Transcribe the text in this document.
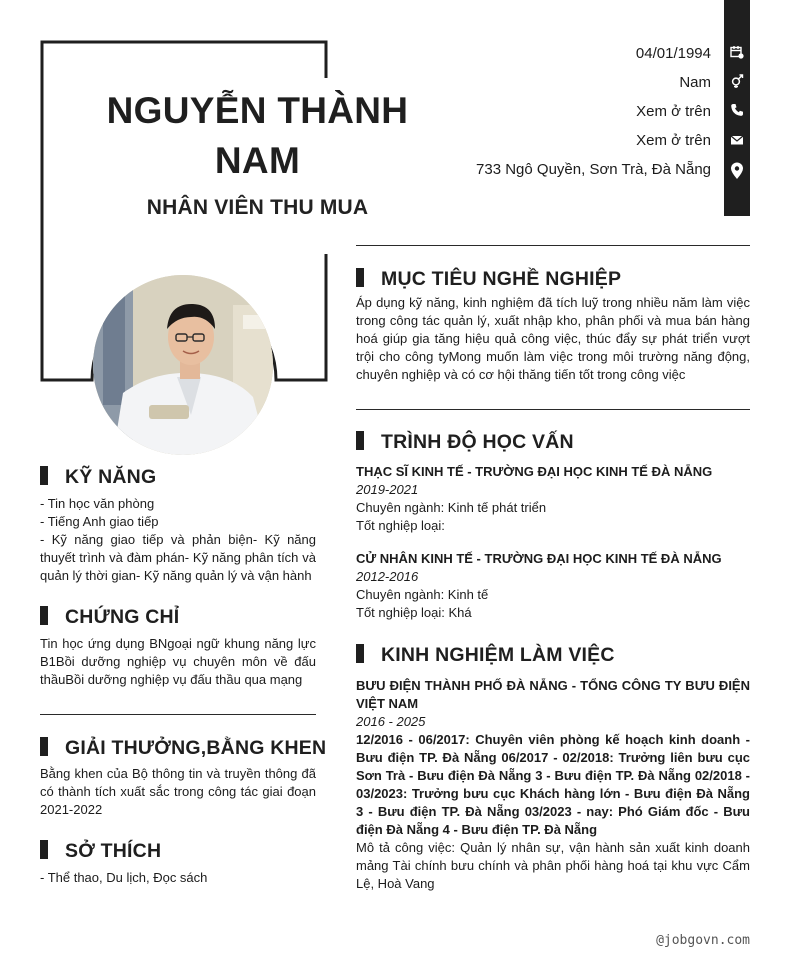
NGUYỄN THÀNH
NAM
NHÂN VIÊN THU MUA
04/01/1994
Nam
Xem ở trên
Xem ở trên
733 Ngô Quyền, Sơn Trà, Đà Nẵng
MỤC TIÊU NGHỀ NGHIỆP
Áp dụng kỹ năng, kinh nghiệm đã tích luỹ trong nhiều năm làm việc trong công tác quản lý, xuất nhập kho, phân phối và mua bán hàng hoá giúp gia tăng hiệu quả công việc, thúc đẩy sự phát triển vượt trội cho công tyMong muốn làm việc trong môi trường năng động, chuyên nghiệp và có cơ hội thăng tiến tốt trong công việc
TRÌNH ĐỘ HỌC VẤN
THẠC SĨ KINH TẾ - TRƯỜNG ĐẠI HỌC KINH TẾ ĐÀ NẴNG
2019-2021
Chuyên ngành: Kinh tế phát triển
Tốt nghiệp loại:
CỬ NHÂN KINH TẾ - TRƯỜNG ĐẠI HỌC KINH TẾ ĐÀ NẴNG
2012-2016
Chuyên ngành: Kinh tế
Tốt nghiệp loại: Khá
KINH NGHIỆM LÀM VIỆC
BƯU ĐIỆN THÀNH PHỐ ĐÀ NẴNG - TỔNG CÔNG TY BƯU ĐIỆN VIỆT NAM
2016 - 2025
12/2016 - 06/2017: Chuyên viên phòng kế hoạch kinh doanh - Bưu điện TP. Đà Nẵng 06/2017 - 02/2018: Trưởng liên bưu cục Sơn Trà - Bưu điện Đà Nẵng 3 - Bưu điện TP. Đà Nẵng 02/2018 - 03/2023: Trưởng bưu cục Khách hàng lớn - Bưu điện Đà Nẵng 3 - Bưu điện TP. Đà Nẵng 03/2023 - nay: Phó Giám đốc - Bưu điện Đà Nẵng 4 - Bưu điện TP. Đà Nẵng
Mô tả công việc: Quản lý nhân sự, vận hành sản xuất kinh doanh mảng Tài chính bưu chính và phân phối hàng hoá tại khu vực Cẩm Lệ, Hoà Vang
KỸ NĂNG
- Tin học văn phòng
- Tiếng Anh giao tiếp
- Kỹ năng giao tiếp và phản biện- Kỹ năng thuyết trình và đàm phán- Kỹ năng phân tích và quản lý thời gian- Kỹ năng quản lý và vận hành
CHỨNG CHỈ
Tin học ứng dụng BNgoại ngữ khung năng lực B1Bồi dưỡng nghiệp vụ chuyên môn về đấu thầuBồi dưỡng nghiệp vụ đấu thầu qua mạng
GIẢI THƯỞNG,BẰNG KHEN
Bằng khen của Bộ thông tin và truyền thông đã có thành tích xuất sắc trong công tác giai đoạn 2021-2022
SỞ THÍCH
- Thể thao, Du lịch, Đọc sách
@jobgovn.com
